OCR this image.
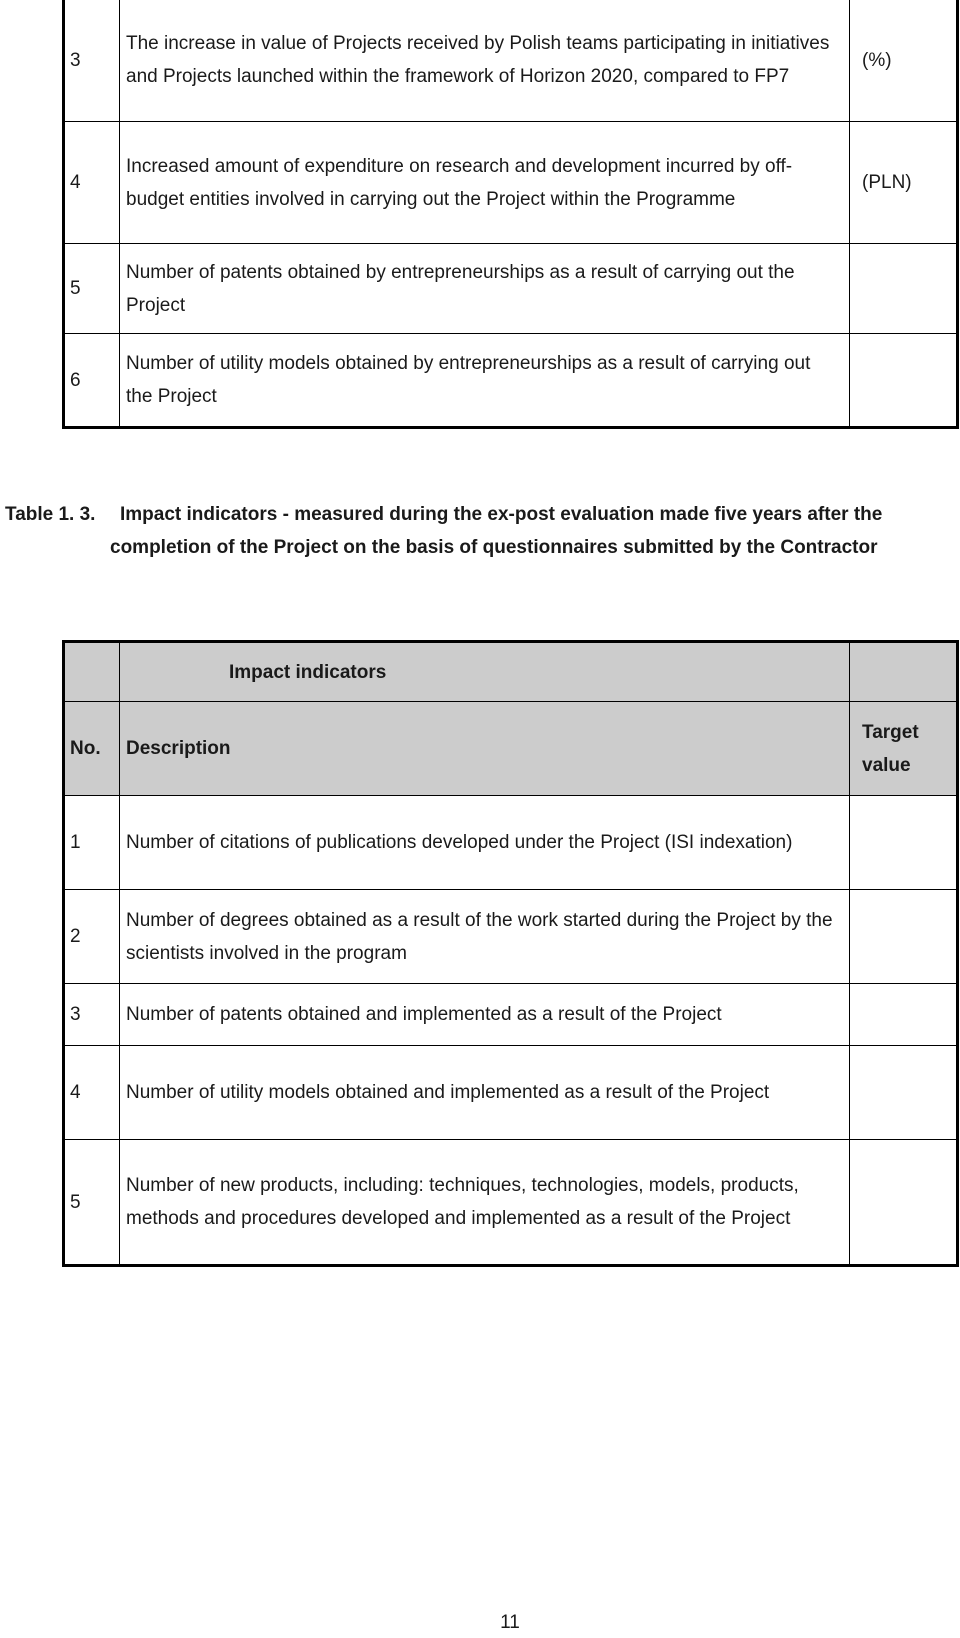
3	The increase in value of Projects received by Polish teams participating in initiatives and Projects launched within the framework of Horizon 2020, compared to FP7	(%)
4	Increased amount of expenditure on research and development incurred by off-budget entities involved in carrying out the Project within the Programme	(PLN)
5	Number of patents obtained by entrepreneurships as a result of carrying out the Project	
6	Number of utility models obtained by entrepreneurships as a result of carrying out the Project	
Table 1. 3. Impact indicators - measured during the ex-post evaluation made five years after the
completion of the Project on the basis of questionnaires submitted by the Contractor
	Impact indicators	
No.	Description	Target value
1	Number of citations of publications developed under the Project (ISI indexation)	
2	Number of degrees obtained as a result of the work started during the Project by the scientists involved in the program	
3	Number of patents obtained and implemented as a result of the Project	
4	Number of utility models obtained and implemented as a result of the Project	
5	Number of new products, including: techniques, technologies, models, products, methods and procedures developed and implemented as a result of the Project	
11
